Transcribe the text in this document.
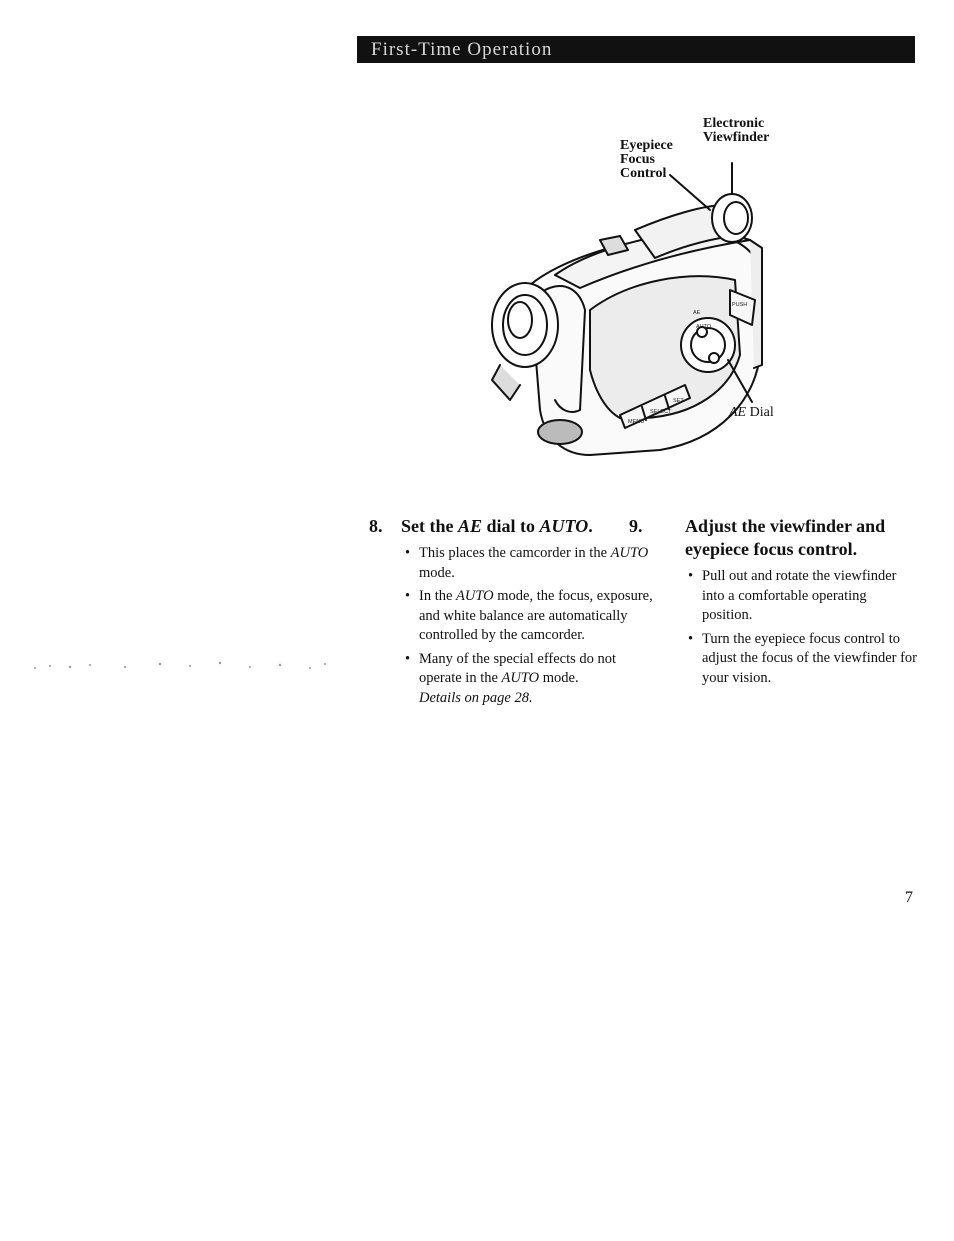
First-Time Operation
AE
PUSH
AUTO
MENU
SELECT
SET
Electronic
Viewfinder
Eyepiece
Focus
Control
AE Dial
8. Set the AE dial to AUTO.
• This places the camcorder in the AUTO mode.
• In the AUTO mode, the focus, exposure, and white balance are automatically controlled by the camcorder.
• Many of the special effects do not operate in the AUTO mode.
Details on page 28.
9. Adjust the viewfinder and eyepiece focus control.
• Pull out and rotate the viewfinder into a comfortable operating position.
• Turn the eyepiece focus control to adjust the focus of the viewfinder for your vision.
7
